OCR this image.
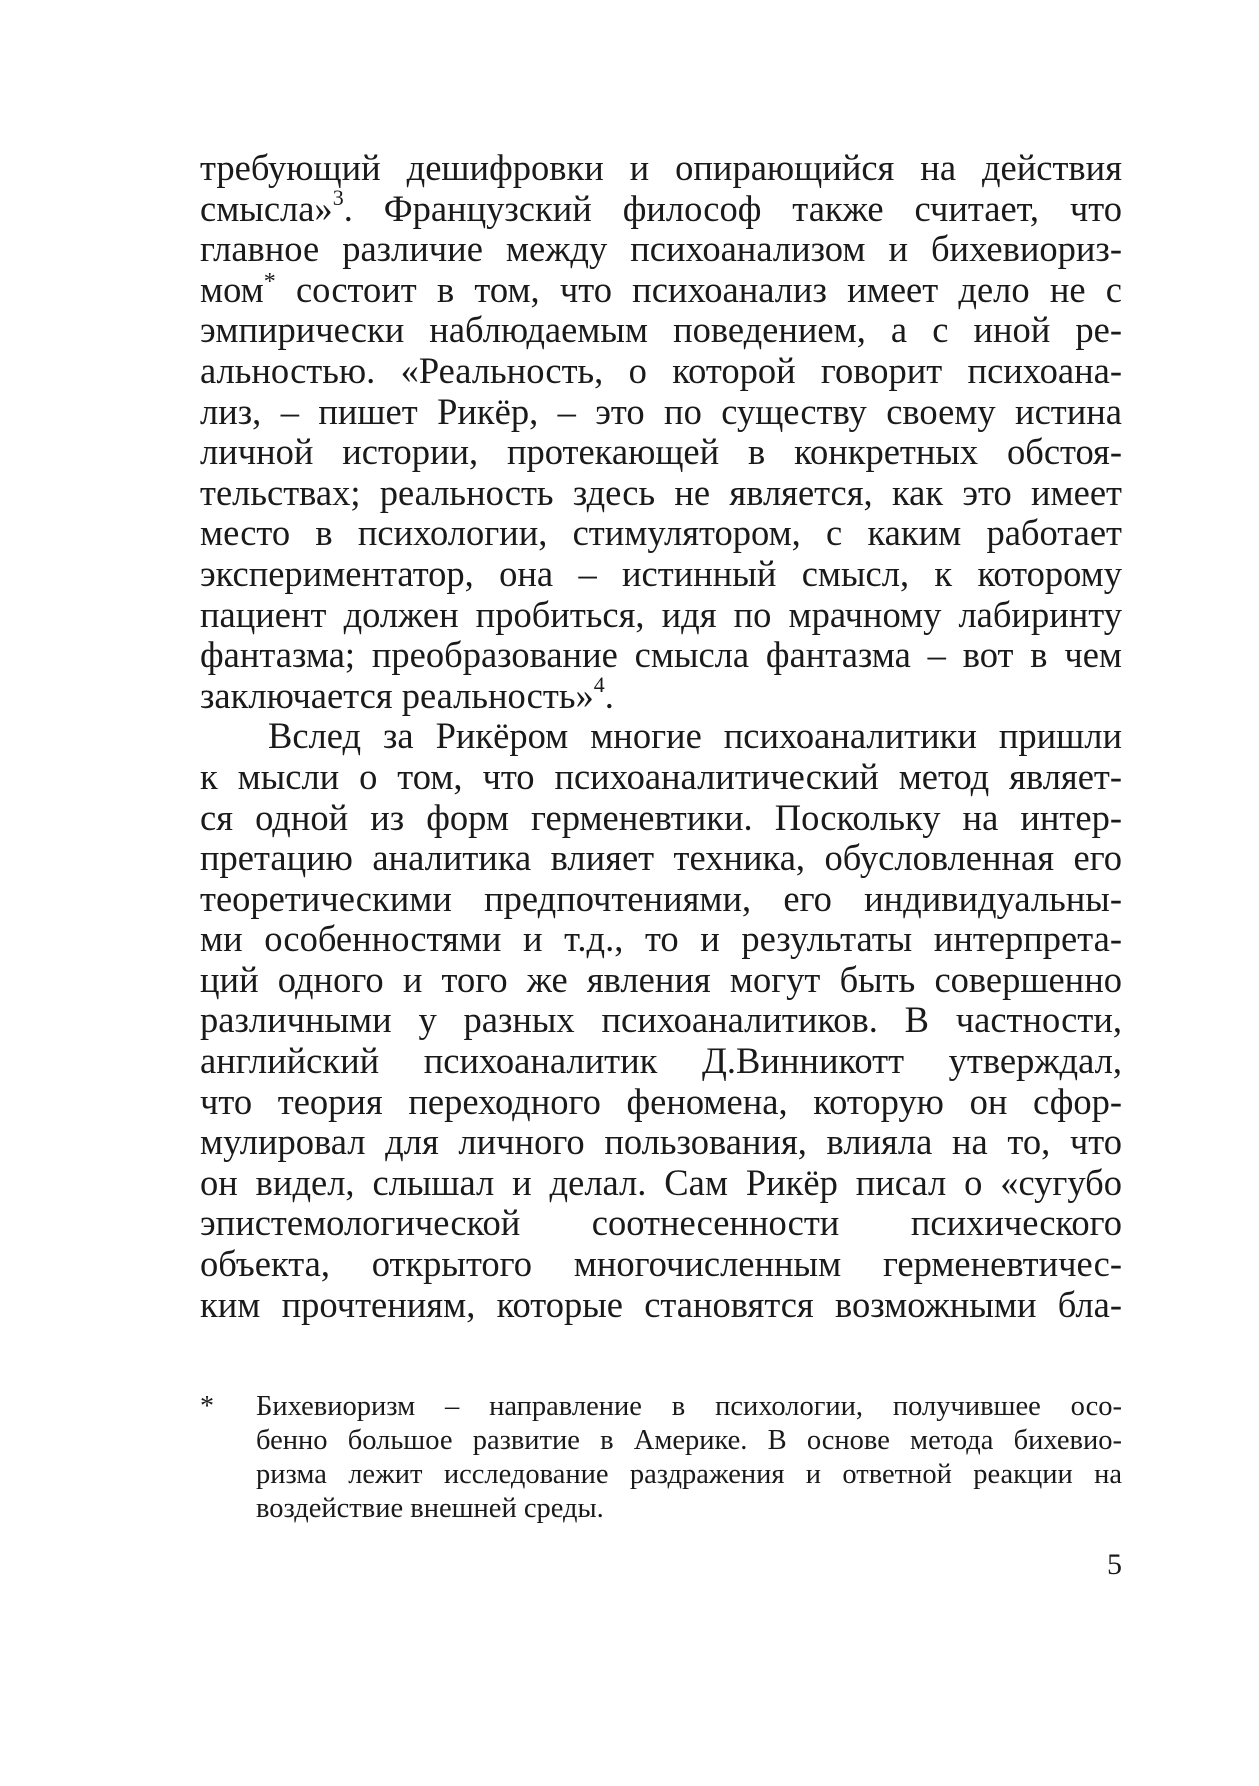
требующий дешифровки и опирающийся на действия
смысла»$^3$. Французский философ также считает, что
главное различие между психоанализом и бихевиориз-
мом* состоит в том, что психоанализ имеет дело не с
эмпирически наблюдаемым поведением, а с иной ре-
альностью. «Реальность, о которой говорит психоана-
лиз, – пишет Рикёр, – это по существу своему истина
личной истории, протекающей в конкретных обстоя-
тельствах; реальность здесь не является, как это имеет
место в психологии, стимулятором, с каким работает
экспериментатор, она – истинный смысл, к которому
пациент должен пробиться, идя по мрачному лабиринту
фантазма; преобразование смысла фантазма – вот в чем
заключается реальность»$^4$.
Вслед за Рикёром многие психоаналитики пришли
к мысли о том, что психоаналитический метод являет-
ся одной из форм герменевтики. Поскольку на интер-
претацию аналитика влияет техника, обусловленная его
теоретическими предпочтениями, его индивидуальны-
ми особенностями и т.д., то и результаты интерпрета-
ций одного и того же явления могут быть совершенно
различными у разных психоаналитиков. В частности,
английский психоаналитик Д.Винникотт утверждал,
что теория переходного феномена, которую он сфор-
мулировал для личного пользования, влияла на то, что
он видел, слышал и делал. Сам Рикёр писал о «сугубо
эпистемологической соотнесенности психического
объекта, открытого многочисленным герменевтичес-
ким прочтениям, которые становятся возможными бла-
* Бихевиоризм – направление в психологии, получившее осо-
бенно большое развитие в Америке. В основе метода бихевио-
ризма лежит исследование раздражения и ответной реакции на
воздействие внешней среды.
5
